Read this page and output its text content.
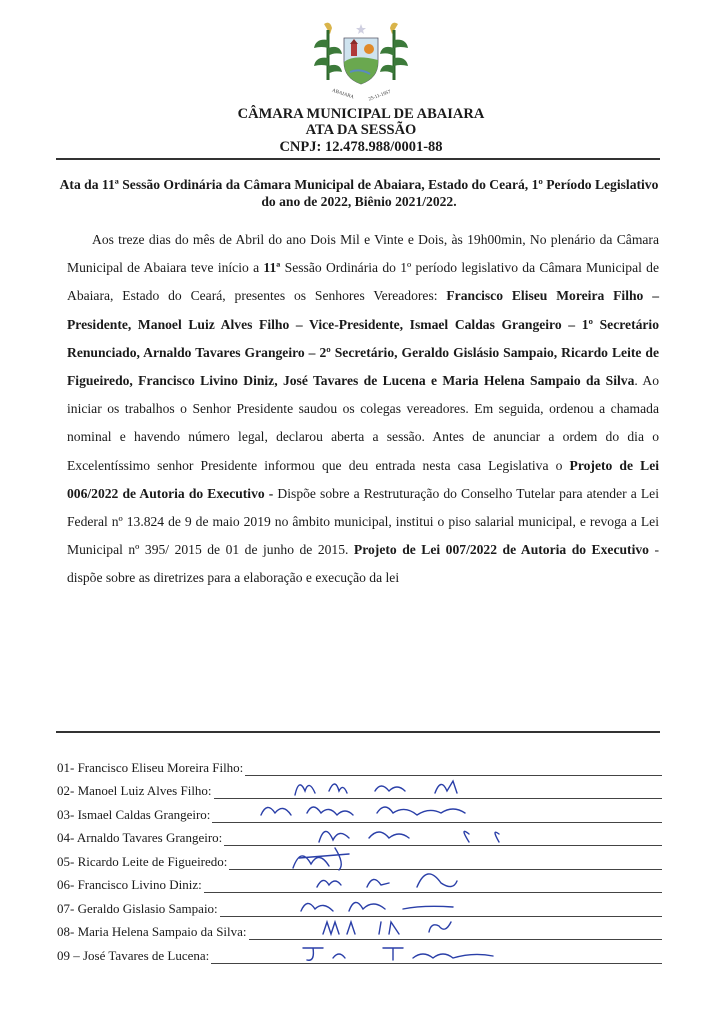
ABAIARA	25-11-1957
CÂMARA MUNICIPAL DE ABAIARA
ATA DA SESSÃO
CNPJ: 12.478.988/0001-88
Ata da 11ª Sessão Ordinária da Câmara Municipal de Abaiara, Estado do Ceará, 1º Período Legislativo do ano de 2022, Biênio 2021/2022.
Aos treze dias do mês de Abril do ano Dois Mil e Vinte e Dois, às 19h00min, No plenário da Câmara Municipal de Abaiara teve início a 11ª Sessão Ordinária do 1º período legislativo da Câmara Municipal de Abaiara, Estado do Ceará, presentes os Senhores Vereadores: Francisco Eliseu Moreira Filho – Presidente, Manoel Luiz Alves Filho – Vice-Presidente, Ismael Caldas Grangeiro – 1º Secretário Renunciado, Arnaldo Tavares Grangeiro – 2º Secretário, Geraldo Gislásio Sampaio, Ricardo Leite de Figueiredo, Francisco Livino Diniz, José Tavares de Lucena e Maria Helena Sampaio da Silva. Ao iniciar os trabalhos o Senhor Presidente saudou os colegas vereadores. Em seguida, ordenou a chamada nominal e havendo número legal, declarou aberta a sessão. Antes de anunciar a ordem do dia o Excelentíssimo senhor Presidente informou que deu entrada nesta casa Legislativa o Projeto de Lei 006/2022 de Autoria do Executivo - Dispõe sobre a Restruturação do Conselho Tutelar para atender a Lei Federal nº 13.824 de 9 de maio 2019 no âmbito municipal, institui o piso salarial municipal, e revoga a Lei Municipal nº 395/ 2015 de 01 de junho de 2015. Projeto de Lei 007/2022 de Autoria do Executivo - dispõe sobre as diretrizes para a elaboração e execução da lei
01- Francisco Eliseu Moreira Filho:
02- Manoel Luiz Alves Filho:
03- Ismael Caldas Grangeiro:
04- Arnaldo Tavares Grangeiro:
05- Ricardo Leite de Figueiredo:
06- Francisco Livino Diniz:
07- Geraldo Gislasio Sampaio:
08- Maria Helena Sampaio da Silva:
09 – José Tavares de Lucena:
